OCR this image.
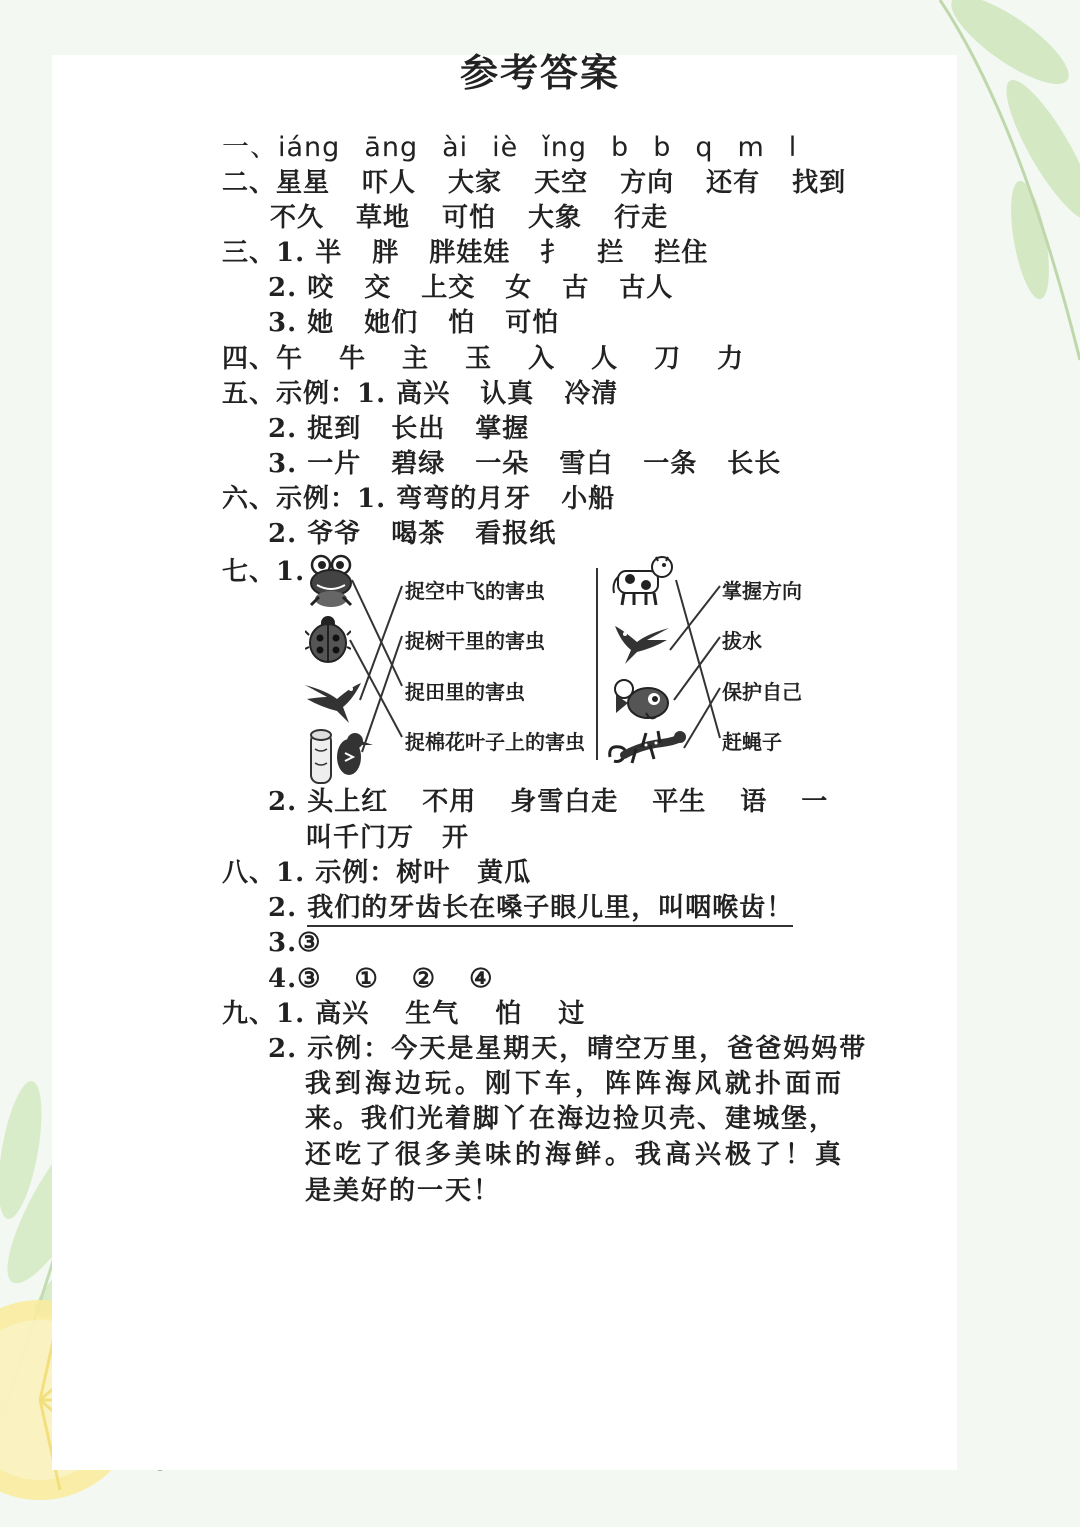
参考答案
一、iáng āng ài iè ǐng b b q m l
二、星星 吓人 大家 天空 方向 还有 找到
不久 草地 可怕 大象 行走
三、1. 半 胖 胖娃娃 扌 拦 拦住
2. 咬 交 上交 女 古 古人
3. 她 她们 怕 可怕
四、午 牛 主 玉 入 人 刀 力
五、示例：1. 高兴 认真 冷清
2. 捉到 长出 掌握
3. 一片 碧绿 一朵 雪白 一条 长长
六、示例：1. 弯弯的月牙 小船
2. 爷爷 喝茶 看报纸
七、1.
捉空中飞的害虫
捉树干里的害虫
捉田里的害虫
捉棉花叶子上的害虫
掌握方向
拔水
保护自己
赶蝇子
2. 头上红 不用 身雪白走 平生 语 一
叫千门万 开
八、1. 示例：树叶　黄瓜
2. 我们的牙齿长在嗓子眼儿里，叫咽喉齿！
3.③
4.③　①　②　④
九、1. 高兴 生气 怕 过
2. 示例：今天是星期天，晴空万里，爸爸妈妈带
我到海边玩。刚下车，阵阵海风就扑面而
来。我们光着脚丫在海边捡贝壳、建城堡，
还吃了很多美味的海鲜。我高兴极了！真
是美好的一天！
